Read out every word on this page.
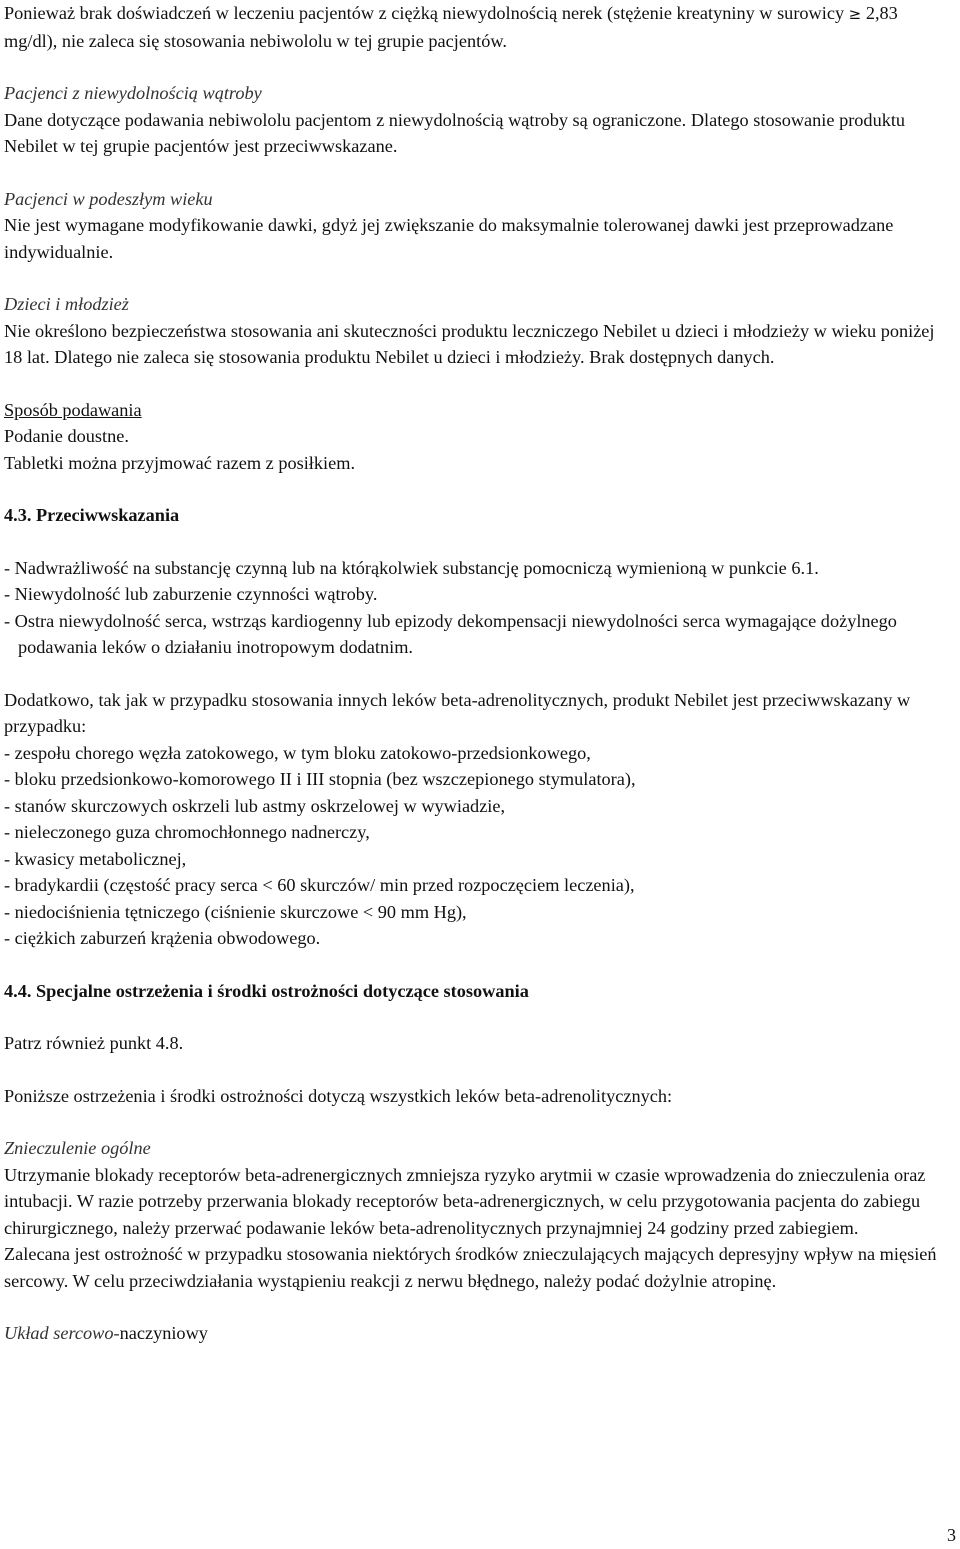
Ponieważ brak doświadczeń w leczeniu pacjentów z ciężką niewydolnością nerek (stężenie kreatyniny w surowicy ≥ 2,83 mg/dl), nie zaleca się stosowania nebiwololu w tej grupie pacjentów.

Pacjenci z niewydolnością wątroby

Dane dotyczące podawania nebiwololu pacjentom z niewydolnością wątroby są ograniczone. Dlatego stosowanie produktu Nebilet w tej grupie pacjentów jest przeciwwskazane.

Pacjenci w podeszłym wieku

Nie jest wymagane modyfikowanie dawki, gdyż jej zwiększanie do maksymalnie tolerowanej dawki jest przeprowadzane indywidualnie.

Dzieci i młodzież

Nie określono bezpieczeństwa stosowania ani skuteczności produktu leczniczego Nebilet u dzieci i młodzieży w wieku poniżej 18 lat. Dlatego nie zaleca się stosowania produktu Nebilet u dzieci i młodzieży. Brak dostępnych danych.

Sposób podawania

Podanie doustne.

Tabletki można przyjmować razem z posiłkiem.

4.3. Przeciwwskazania

- Nadwrażliwość na substancję czynną lub na którąkolwiek substancję pomocniczą wymienioną w punkcie 6.1.

- Niewydolność lub zaburzenie czynności wątroby.

- Ostra niewydolność serca, wstrząs kardiogenny lub epizody dekompensacji niewydolności serca wymagające dożylnego podawania leków o działaniu inotropowym dodatnim.

Dodatkowo, tak jak w przypadku stosowania innych leków beta-adrenolitycznych, produkt Nebilet jest przeciwwskazany w przypadku:

- zespołu chorego węzła zatokowego, w tym bloku zatokowo-przedsionkowego,

- bloku przedsionkowo-komorowego II i III stopnia (bez wszczepionego stymulatora),

- stanów skurczowych oskrzeli lub astmy oskrzelowej w wywiadzie,

- nieleczonego guza chromochłonnego nadnerczy,

- kwasicy metabolicznej,

- bradykardii (częstość pracy serca < 60 skurczów/ min przed rozpoczęciem leczenia),

- niedociśnienia tętniczego (ciśnienie skurczowe < 90 mm Hg),

- ciężkich zaburzeń krążenia obwodowego.

4.4. Specjalne ostrzeżenia i środki ostrożności dotyczące stosowania

Patrz również punkt 4.8.

Poniższe ostrzeżenia i środki ostrożności dotyczą wszystkich leków beta-adrenolitycznych:

Znieczulenie ogólne

Utrzymanie blokady receptorów beta-adrenergicznych zmniejsza ryzyko arytmii w czasie wprowadzenia do znieczulenia oraz intubacji. W razie potrzeby przerwania blokady receptorów beta-adrenergicznych, w celu przygotowania pacjenta do zabiegu chirurgicznego, należy przerwać podawanie leków beta-adrenolitycznych przynajmniej 24 godziny przed zabiegiem.

Zalecana jest ostrożność w przypadku stosowania niektórych środków znieczulających mających depresyjny wpływ na mięsień sercowy. W celu przeciwdziałania wystąpieniu reakcji z nerwu błędnego, należy podać dożylnie atropinę.

Układ sercowo-naczyniowy

3
